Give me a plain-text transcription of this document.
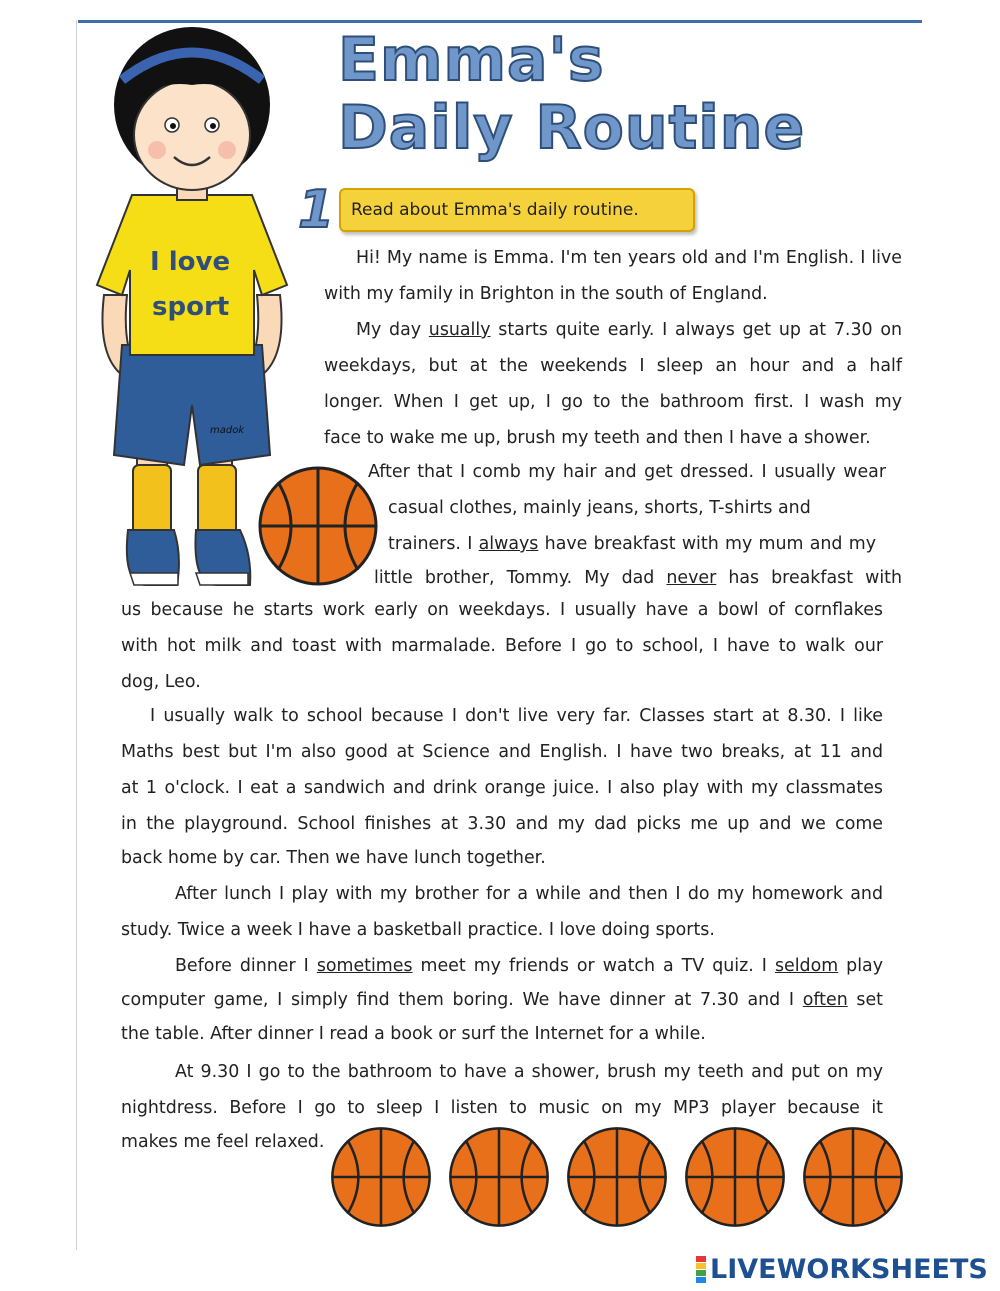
madok
I love
sport
Emma's
Daily Routine
1 Read about Emma's daily routine.
Hi! My name is Emma. I'm ten years old and I'm English. I live
with my family in Brighton in the south of England.
My day usually starts quite early. I always get up at 7.30 on
weekdays, but at the weekends I sleep an hour and a half
longer. When I get up, I go to the bathroom first. I wash my
face to wake me up, brush my teeth and then I have a shower.
After that I comb my hair and get dressed. I usually wear
casual clothes, mainly jeans, shorts, T-shirts and
trainers. I always have breakfast with my mum and my
little brother, Tommy. My dad never has breakfast with
us because he starts work early on weekdays. I usually have a bowl of cornflakes
with hot milk and toast with marmalade. Before I go to school, I have to walk our
dog, Leo.
I usually walk to school because I don't live very far. Classes start at 8.30. I like
Maths best but I'm also good at Science and English. I have two breaks, at 11 and
at 1 o'clock. I eat a sandwich and drink orange juice. I also play with my classmates
in the playground. School finishes at 3.30 and my dad picks me up and we come
back home by car. Then we have lunch together.
After lunch I play with my brother for a while and then I do my homework and
study. Twice a week I have a basketball practice. I love doing sports.
Before dinner I sometimes meet my friends or watch a TV quiz. I seldom play
computer game, I simply find them boring. We have dinner at 7.30 and I often set
the table. After dinner I read a book or surf the Internet for a while.
At 9.30 I go to the bathroom to have a shower, brush my teeth and put on my
nightdress. Before I go to sleep I listen to music on my MP3 player because it
makes me feel relaxed.
LIVEWORKSHEETS
